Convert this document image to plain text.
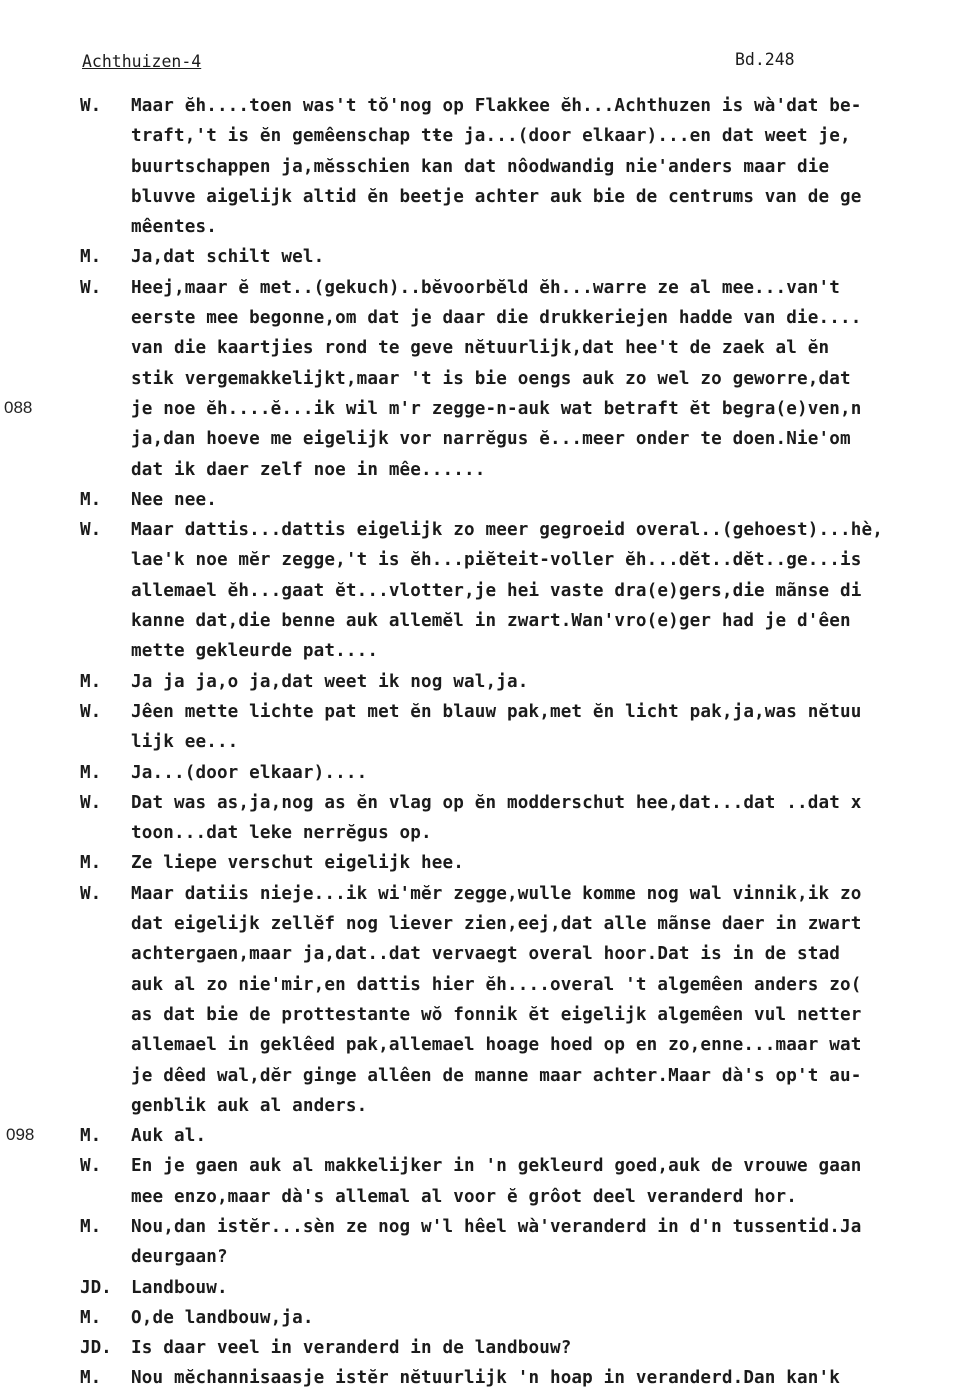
Achthuizen-4	Bd.248
088
098
W. Maar ĕh....toen was't tŏ'nog op Flakkee ĕh...Achthuzen is wà'dat be-
traft,'t is ĕn gemêenschap tŧe ja...(door elkaar)...en dat weet je,
buurtschappen ja,mĕsschien kan dat nôodwandig nie'anders maar die
bluvve aigelijk altid ĕn beetje achter auk bie de centrums van de ge
mêentes.
M. Ja,dat schilt wel.
W. Heej,maar ĕ met..(gekuch)..bĕvoorbĕld ĕh...warre ze al mee...van't
eerste mee begonne,om dat je daar die drukkeriejen hadde van die....
van die kaartjies rond te geve nĕtuurlijk,dat hee't de zaek al ĕn
stik vergemakkelijkt,maar 't is bie oengs auk zo wel zo geworre,dat
je noe ĕh....ĕ...ik wil m'r zegge-n-auk wat betraft ĕt begra(e)ven,n
ja,dan hoeve me eigelijk vor narrĕgus ĕ...meer onder te doen.Nie'om
dat ik daer zelf noe in mêe......
M. Nee nee.
W. Maar dattis...dattis eigelijk zo meer gegroeid overal..(gehoest)...hè,
lae'k noe mĕr zegge,'t is ĕh...piĕteit-voller ĕh...dĕt..dĕt..ge...is
allemael ĕh...gaat ĕt...vlotter,je hei vaste dra(e)gers,die mãnse di
kanne dat,die benne auk allemĕl in zwart.Wan'vro(e)ger had je d'êen
mette gekleurde pat....
M. Ja ja ja,o ja,dat weet ik nog wal,ja.
W. Jêen mette lichte pat met ĕn blauw pak,met ĕn licht pak,ja,was nĕtuu
lijk ee...
M. Ja...(door elkaar)....
W. Dat was as,ja,nog as ĕn vlag op ĕn modderschut hee,dat...dat ..dat x
toon...dat leke nerrĕgus op.
M. Ze liepe verschut eigelijk hee.
W. Maar datiis nieje...ik wi'mĕr zegge,wulle komme nog wal vinnik,ik zo
dat eigelijk zellĕf nog liever zien,eej,dat alle mãnse daer in zwart
achtergaen,maar ja,dat..dat vervaegt overal hoor.Dat is in de stad
auk al zo nie'mir,en dattis hier ĕh....overal 't algemêen anders zo(
as dat bie de prottestante wŏ fonnik ĕt eigelijk algemêen vul netter
allemael in geklêed pak,allemael hoage hoed op en zo,enne...maar wat
je dêed wal,dĕr ginge allêen de manne maar achter.Maar dà's op't au-
genblik auk al anders.
M. Auk al.
W. En je gaen auk al makkelijker in 'n gekleurd goed,auk de vrouwe gaan
mee enzo,maar dà's allemal al voor ĕ grôot deel veranderd hor.
M. Nou,dan istĕr...sèn ze nog w'l hêel wà'veranderd in d'n tussentid.Ja
deurgaan?
JD. Landbouw.
M. O,de landbouw,ja.
JD. Is daar veel in veranderd in de landbouw?
M. Nou mĕchannisaasje istĕr nĕtuurlijk 'n hoap in veranderd.Dan kan'k
